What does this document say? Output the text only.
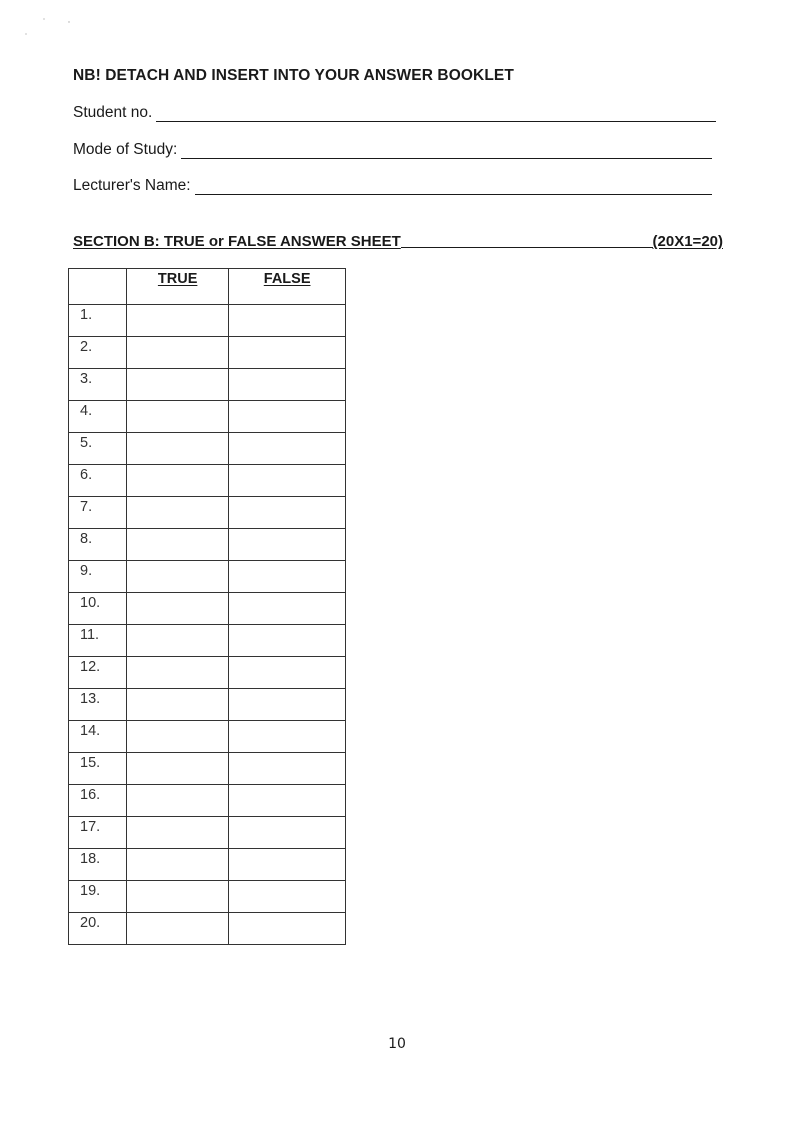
NB! DETACH AND INSERT INTO YOUR ANSWER BOOKLET
Student no.
Mode of Study:
Lecturer's Name:
SECTION B: TRUE or FALSE ANSWER SHEET	(20X1=20)
	TRUE	FALSE
1.		
2.		
3.		
4.		
5.		
6.		
7.		
8.		
9.		
10.		
11.		
12.		
13.		
14.		
15.		
16.		
17.		
18.		
19.		
20.		
10
